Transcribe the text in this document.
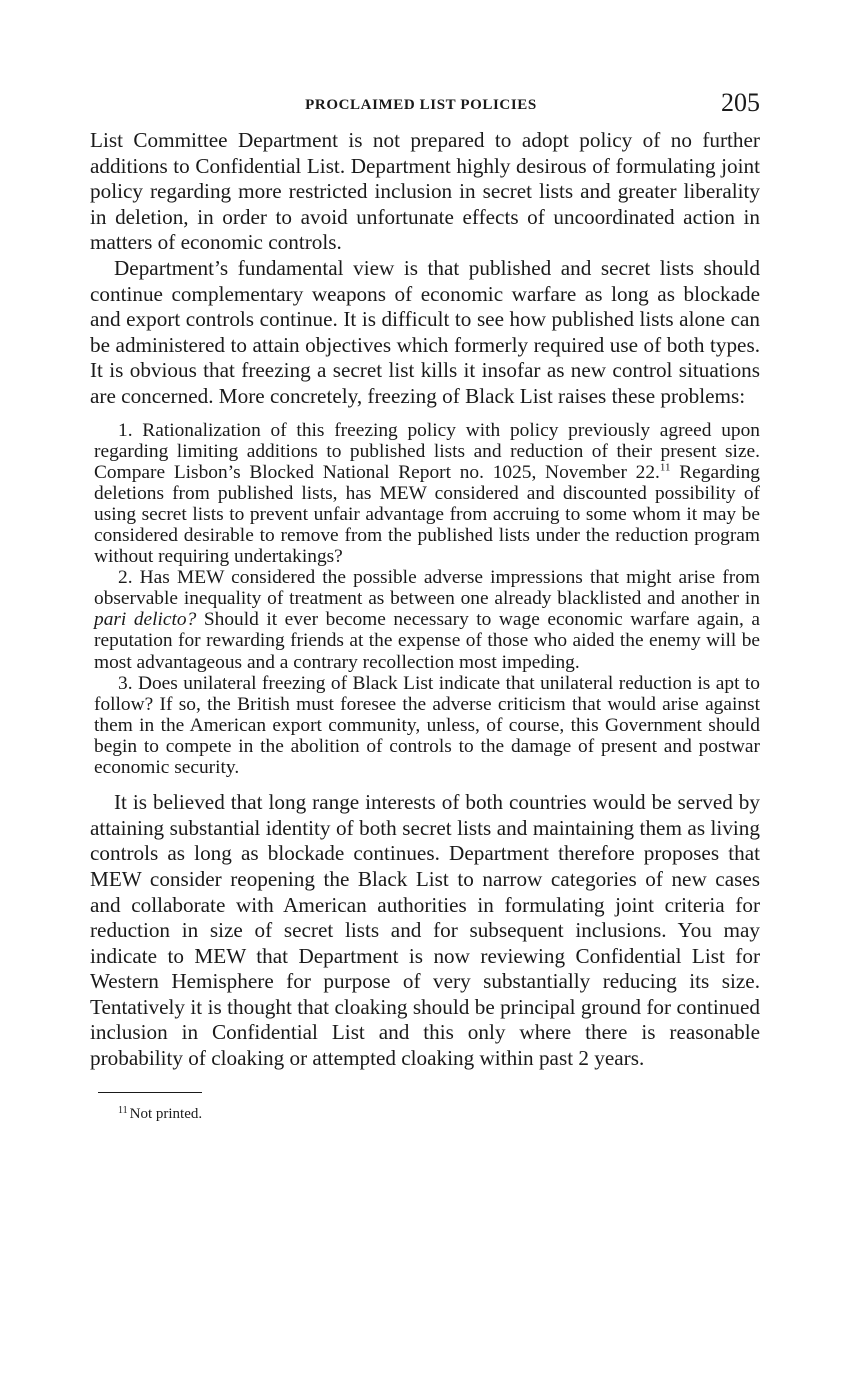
PROCLAIMED LIST POLICIES	205

List Committee Department is not prepared to adopt policy of no further additions to Confidential List. Department highly desirous of formulating joint policy regarding more restricted inclusion in secret lists and greater liberality in deletion, in order to avoid unfortunate effects of uncoordinated action in matters of economic controls.

Department’s fundamental view is that published and secret lists should continue complementary weapons of economic warfare as long as blockade and export controls continue. It is difficult to see how published lists alone can be administered to attain objectives which formerly required use of both types. It is obvious that freezing a secret list kills it insofar as new control situations are concerned. More concretely, freezing of Black List raises these problems:

1. Rationalization of this freezing policy with policy previously agreed upon regarding limiting additions to published lists and reduction of their present size. Compare Lisbon’s Blocked National Report no. 1025, November 22.11 Regarding deletions from published lists, has MEW considered and discounted possibility of using secret lists to prevent unfair advantage from accruing to some whom it may be considered desirable to remove from the published lists under the reduction program without requiring undertakings?

2. Has MEW considered the possible adverse impressions that might arise from observable inequality of treatment as between one already blacklisted and another in pari delicto? Should it ever become necessary to wage economic warfare again, a reputation for rewarding friends at the expense of those who aided the enemy will be most advantageous and a contrary recollection most impeding.

3. Does unilateral freezing of Black List indicate that unilateral reduction is apt to follow? If so, the British must foresee the adverse criticism that would arise against them in the American export community, unless, of course, this Government should begin to compete in the abolition of controls to the damage of present and postwar economic security.

It is believed that long range interests of both countries would be served by attaining substantial identity of both secret lists and maintaining them as living controls as long as blockade continues. Department therefore proposes that MEW consider reopening the Black List to narrow categories of new cases and collaborate with American authorities in formulating joint criteria for reduction in size of secret lists and for subsequent inclusions. You may indicate to MEW that Department is now reviewing Confidential List for Western Hemisphere for purpose of very substantially reducing its size. Tentatively it is thought that cloaking should be principal ground for continued inclusion in Confidential List and this only where there is reasonable probability of cloaking or attempted cloaking within past 2 years.

$^{11}$ Not printed.
